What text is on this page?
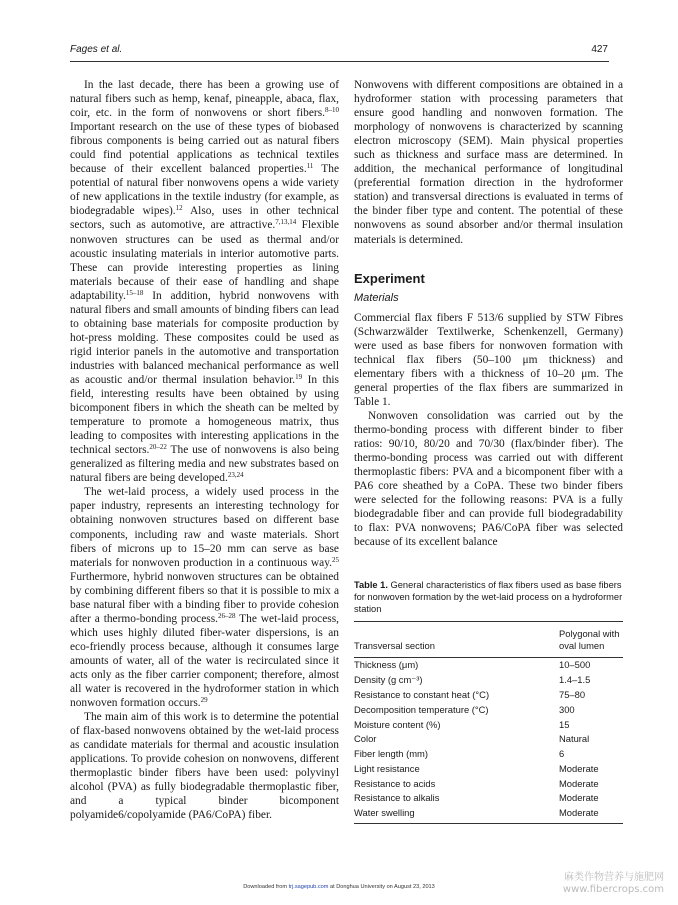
Fages et al.	427

In the last decade, there has been a growing use of natural fibers such as hemp, kenaf, pineapple, abaca, flax, coir, etc. in the form of nonwovens or short fibers.$^{8-10}$ Important research on the use of these types of biobased fibrous components is being carried out as natural fibers could find potential applications as technical textiles because of their excellent balanced properties.$^{11}$ The potential of natural fiber nonwovens opens a wide variety of new applications in the textile industry (for example, as biodegradable wipes).$^{12}$ Also, uses in other technical sectors, such as automotive, are attractive.$^{7,13,14}$ Flexible nonwoven structures can be used as thermal and/or acoustic insulating materials in interior automotive parts. These can provide interesting properties as lining materials because of their ease of handling and shape adaptability.$^{15-18}$ In addition, hybrid nonwovens with natural fibers and small amounts of binding fibers can lead to obtaining base materials for composite production by hot-press molding. These composites could be used as rigid interior panels in the automotive and transportation industries with balanced mechanical performance as well as acoustic and/or thermal insulation behavior.$^{19}$ In this field, interesting results have been obtained by using bicomponent fibers in which the sheath can be melted by temperature to promote a homogeneous matrix, thus leading to composites with interesting applications in the technical sectors.$^{20-22}$ The use of nonwovens is also being generalized as filtering media and new substrates based on natural fibers are being developed.$^{23,24}$

The wet-laid process, a widely used process in the paper industry, represents an interesting technology for obtaining nonwoven structures based on different base components, including raw and waste materials. Short fibers of microns up to 15–20 mm can serve as base materials for nonwoven production in a continuous way.$^{25}$ Furthermore, hybrid nonwoven structures can be obtained by combining different fibers so that it is possible to mix a base natural fiber with a binding fiber to provide cohesion after a thermo-bonding process.$^{26-28}$ The wet-laid process, which uses highly diluted fiber-water dispersions, is an eco-friendly process because, although it consumes large amounts of water, all of the water is recirculated since it acts only as the fiber carrier component; therefore, almost all water is recovered in the hydroformer station in which nonwoven formation occurs.$^{29}$

The main aim of this work is to determine the potential of flax-based nonwovens obtained by the wet-laid process as candidate materials for thermal and acoustic insulation applications. To provide cohesion on nonwovens, different thermoplastic binder fibers have been used: polyvinyl alcohol (PVA) as fully biodegradable thermoplastic fiber, and a typical binder bicomponent polyamide6/copolyamide (PA6/CoPA) fiber.

Nonwovens with different compositions are obtained in a hydroformer station with processing parameters that ensure good handling and nonwoven formation. The morphology of nonwovens is characterized by scanning electron microscopy (SEM). Main physical properties such as thickness and surface mass are determined. In addition, the mechanical performance of longitudinal (preferential formation direction in the hydroformer station) and transversal directions is evaluated in terms of the binder fiber type and content. The potential of these nonwovens as sound absorber and/or thermal insulation materials is determined.

Experiment
Materials

Commercial flax fibers F 513/6 supplied by STW Fibres (Schwarzwälder Textilwerke, Schenkenzell, Germany) were used as base fibers for nonwoven formation with technical flax fibers (50–100 μm thickness) and elementary fibers with a thickness of 10–20 μm. The general properties of the flax fibers are summarized in Table 1.

Nonwoven consolidation was carried out by the thermo-bonding process with different binder to fiber ratios: 90/10, 80/20 and 70/30 (flax/binder fiber). The thermo-bonding process was carried out with different thermoplastic fibers: PVA and a bicomponent fiber with a PA6 core sheathed by a CoPA. These two binder fibers were selected for the following reasons: PVA is a fully biodegradable fiber and can provide full biodegradability to flax: PVA nonwovens; PA6/CoPA fiber was selected because of its excellent balance

Table 1. General characteristics of flax fibers used as base fibers for nonwoven formation by the wet-laid process on a hydroformer station
Transversal section	Polygonal with oval lumen
Thickness (μm)	10–500
Density (g cm⁻³)	1.4–1.5
Resistance to constant heat (°C)	75–80
Decomposition temperature (°C)	300
Moisture content (%)	15
Color	Natural
Fiber length (mm)	6
Light resistance	Moderate
Resistance to acids	Moderate
Resistance to alkalis	Moderate
Water swelling	Moderate
Downloaded from trj.sagepub.com at Donghua University on August 23, 2013
麻类作物营养与施肥网
www.fibercrops.com
